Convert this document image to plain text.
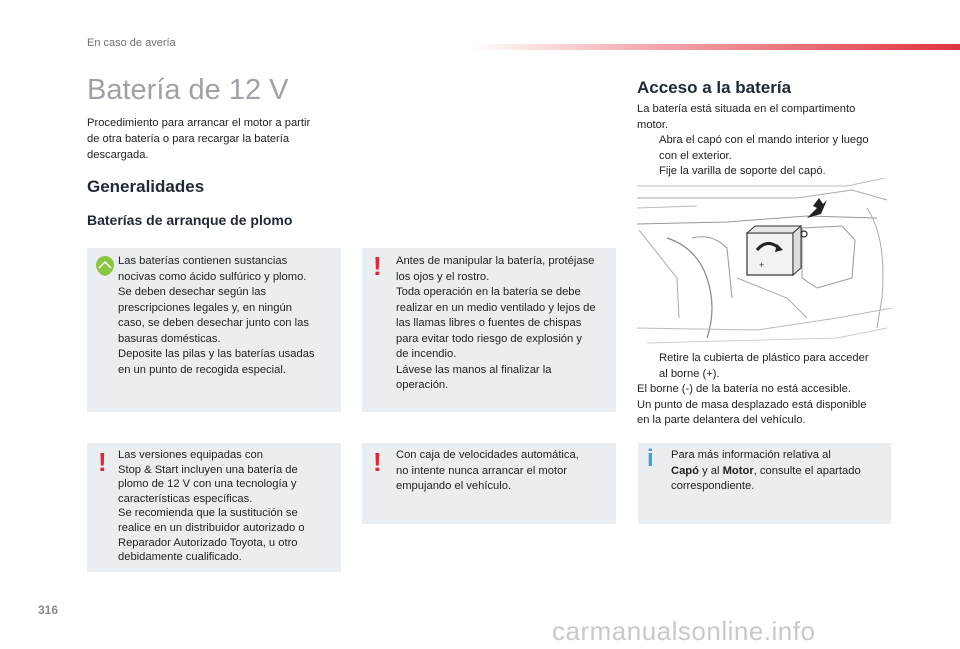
En caso de avería
Batería de 12 V
Procedimiento para arrancar el motor a partir
de otra batería o para recargar la batería
descargada.
Generalidades
Baterías de arranque de plomo
Las baterías contienen sustancias
nocivas como ácido sulfúrico y plomo.
Se deben desechar según las
prescripciones legales y, en ningún
caso, se deben desechar junto con las
basuras domésticas.
Deposite las pilas y las baterías usadas
en un punto de recogida especial.
! Antes de manipular la batería, protéjase
los ojos y el rostro.
Toda operación en la batería se debe
realizar en un medio ventilado y lejos de
las llamas libres o fuentes de chispas
para evitar todo riesgo de explosión y
de incendio.
Lávese las manos al finalizar la
operación.
! Las versiones equipadas con
Stop & Start incluyen una batería de
plomo de 12 V con una tecnología y
características específicas.
Se recomienda que la sustitución se
realice en un distribuidor autorizado o
Reparador Autorizado Toyota, u otro
debidamente cualificado.
! Con caja de velocidades automática,
no intente nunca arrancar el motor
empujando el vehículo.
i Para más información relativa al
Capó y al Motor, consulte el apartado
correspondiente.
Acceso a la batería
La batería está situada en el compartimento
motor.
Abra el capó con el mando interior y luego
con el exterior.
Fije la varilla de soporte del capó.
+
Retire la cubierta de plástico para acceder
al borne (+).
El borne (-) de la batería no está accesible.
Un punto de masa desplazado está disponible
en la parte delantera del vehículo.
316
carmanualsonline.info
